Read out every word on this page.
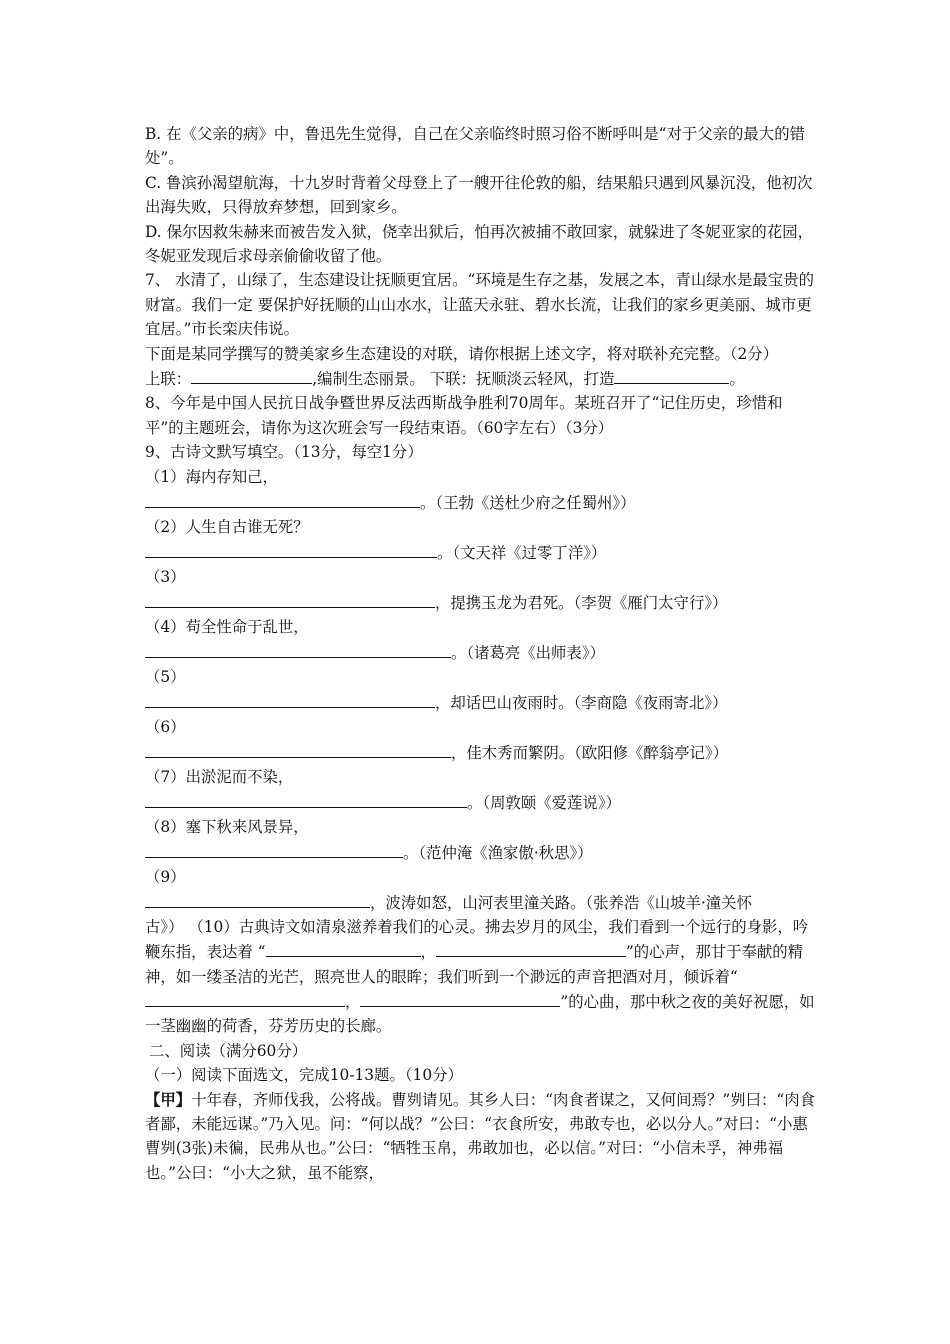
B. 在《父亲的病》中，鲁迅先生觉得，自己在父亲临终时照习俗不断呼叫是“对于父亲的最大的错处”。

C. 鲁滨孙渴望航海，十九岁时背着父母登上了一艘开往伦敦的船，结果船只遇到风暴沉没，他初次出海失败，只得放弃梦想，回到家乡。

D. 保尔因救朱赫来而被告发入狱，侥幸出狱后，怕再次被捕不敢回家，就躲进了冬妮亚家的花园，冬妮亚发现后求母亲偷偷收留了他。

7、 水清了，山绿了，生态建设让抚顺更宜居。“环境是生存之基，发展之本，青山绿水是最宝贵的财富。我们一定 要保护好抚顺的山山水水，让蓝天永驻、碧水长流，让我们的家乡更美丽、城市更宜居。”市长栾庆伟说。

下面是某同学撰写的赞美家乡生态建设的对联，请你根据上述文字，将对联补充完整。（2分）

上联：	,编制生态丽景。 下联：抚顺淡云轻风，打造	。

8、今年是中国人民抗日战争暨世界反法西斯战争胜利70周年。某班召开了“记住历史，珍惜和平”的主题班会，请你为这次班会写一段结束语。（60字左右）（3分）

9、古诗文默写填空。（13分，每空1分）

（1）海内存知己，
。（王勃《送杜少府之任蜀州》）
（2）人生自古谁无死？
。（文天祥《过零丁洋》）
（3）
，提携玉龙为君死。（李贺《雁门太守行》）
（4）苟全性命于乱世，
。（诸葛亮《出师表》）
（5）
，却话巴山夜雨时。（李商隐《夜雨寄北》）
（6）
，佳木秀而繁阴。（欧阳修《醉翁亭记》）
（7）出淤泥而不染，
。（周敦颐《爱莲说》）
（8）塞下秋来风景异，
。（范仲淹《渔家傲·秋思》）
（9）
，波涛如怒，山河表里潼关路。（张养浩《山坡羊·潼关怀

古》） （10）古典诗文如清泉滋养着我们的心灵。拂去岁月的风尘，我们看到一个远行的身影，吟鞭东指，表达着 “	，	”的心声，那甘于奉献的精神，如一缕圣洁的光芒，照亮世人的眼眸；我们听到一个渺远的声音把酒对月，倾诉着“，	”的心曲，那中秋之夜的美好祝愿，如一茎幽幽的荷香，芬芳历史的长廊。

二、阅读（满分60分）

（一）阅读下面选文，完成10-13题。（10分）

【甲】十年春，齐师伐我，公将战。曹刿请见。其乡人曰：“肉食者谋之，又何间焉？”刿曰：“肉食者鄙，未能远谋。”乃入见。问：“何以战？”公曰：“衣食所安，弗敢专也，必以分人。”对曰：“小惠曹刿(3张)未徧，民弗从也。”公曰：“牺牲玉帛，弗敢加也，必以信。”对曰：“小信未孚，神弗福也。”公曰：“小大之狱，虽不能察，
